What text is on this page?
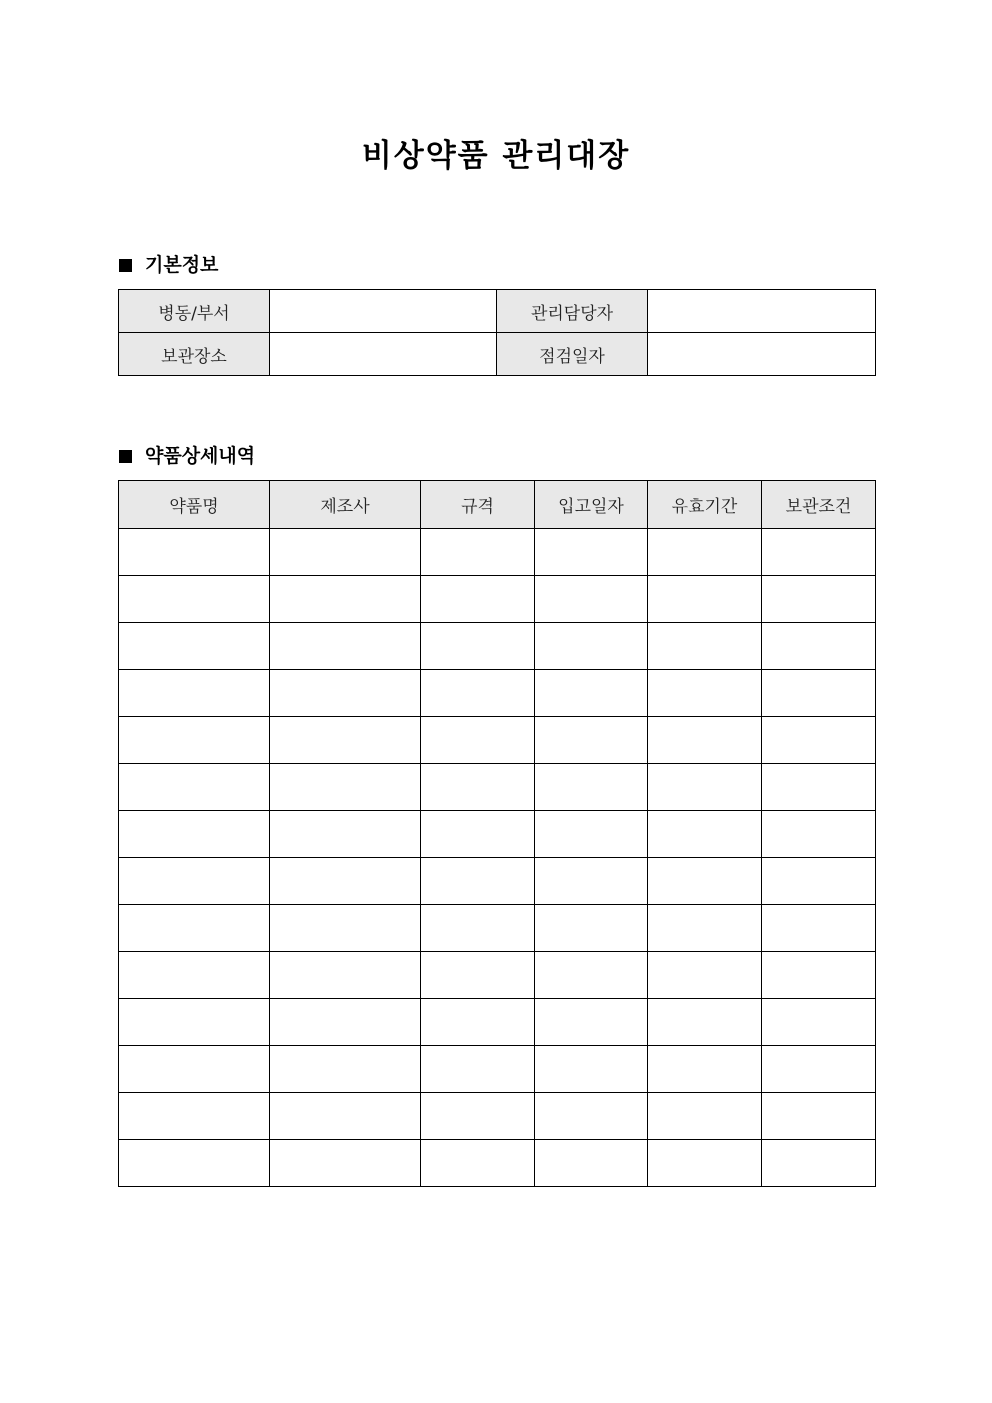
비상약품 관리대장
기본정보
병동/부서		관리담당자	
보관장소		점검일자	
약품상세내역
약품명	제조사	규격	입고일자	유효기간	보관조건
